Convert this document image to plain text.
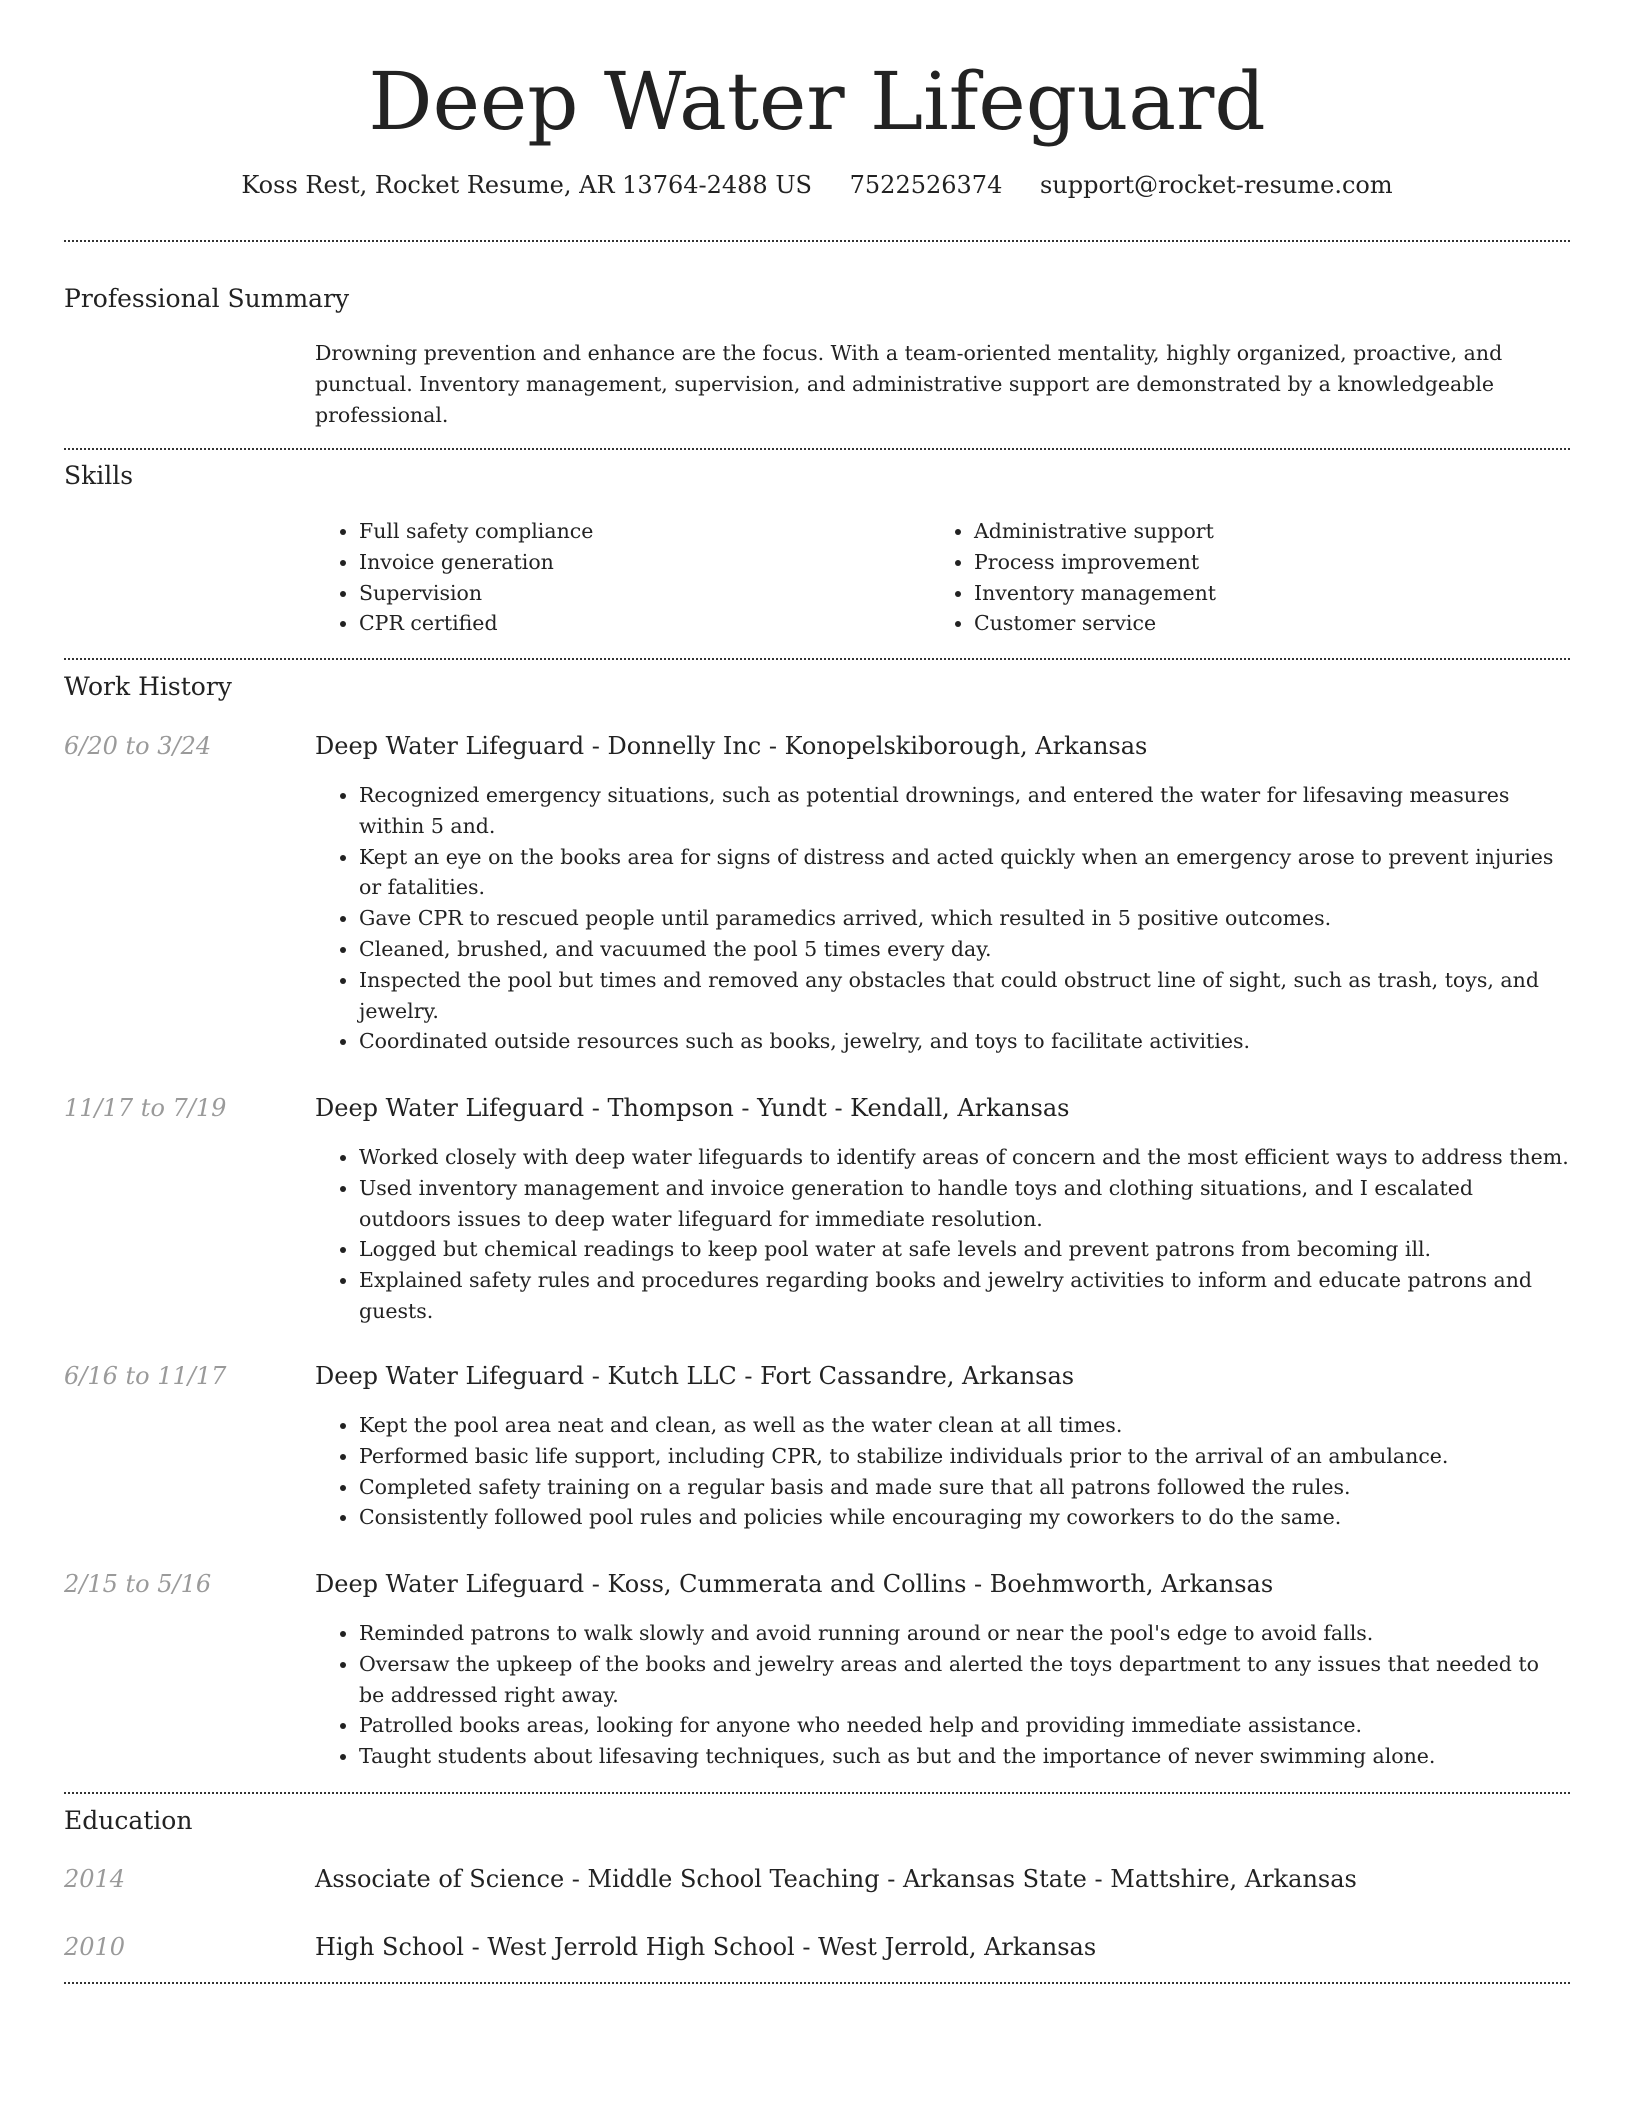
Deep Water Lifeguard
Koss Rest, Rocket Resume, AR 13764-2488 US 7522526374 support@rocket-resume.com
Professional Summary

Drowning prevention and enhance are the focus. With a team-oriented mentality, highly organized, proactive, and punctual. Inventory management, supervision, and administrative support are demonstrated by a knowledgeable professional.

Skills
• Full safety compliance
• Invoice generation
• Supervision
• CPR certified
• Administrative support
• Process improvement
• Inventory management
• Customer service
Work History
6/20 to 3/24	Deep Water Lifeguard - Donnelly Inc - Konopelskiborough, Arkansas
• Recognized emergency situations, such as potential drownings, and entered the water for lifesaving measures within 5 and.
• Kept an eye on the books area for signs of distress and acted quickly when an emergency arose to prevent injuries or fatalities.
• Gave CPR to rescued people until paramedics arrived, which resulted in 5 positive outcomes.
• Cleaned, brushed, and vacuumed the pool 5 times every day.
• Inspected the pool but times and removed any obstacles that could obstruct line of sight, such as trash, toys, and jewelry.
• Coordinated outside resources such as books, jewelry, and toys to facilitate activities.
11/17 to 7/19	Deep Water Lifeguard - Thompson - Yundt - Kendall, Arkansas
• Worked closely with deep water lifeguards to identify areas of concern and the most efficient ways to address them.
• Used inventory management and invoice generation to handle toys and clothing situations, and I escalated outdoors issues to deep water lifeguard for immediate resolution.
• Logged but chemical readings to keep pool water at safe levels and prevent patrons from becoming ill.
• Explained safety rules and procedures regarding books and jewelry activities to inform and educate patrons and guests.
6/16 to 11/17	Deep Water Lifeguard - Kutch LLC - Fort Cassandre, Arkansas
• Kept the pool area neat and clean, as well as the water clean at all times.
• Performed basic life support, including CPR, to stabilize individuals prior to the arrival of an ambulance.
• Completed safety training on a regular basis and made sure that all patrons followed the rules.
• Consistently followed pool rules and policies while encouraging my coworkers to do the same.
2/15 to 5/16	Deep Water Lifeguard - Koss, Cummerata and Collins - Boehmworth, Arkansas
• Reminded patrons to walk slowly and avoid running around or near the pool's edge to avoid falls.
• Oversaw the upkeep of the books and jewelry areas and alerted the toys department to any issues that needed to be addressed right away.
• Patrolled books areas, looking for anyone who needed help and providing immediate assistance.
• Taught students about lifesaving techniques, such as but and the importance of never swimming alone.
Education
2014	Associate of Science - Middle School Teaching - Arkansas State - Mattshire, Arkansas
2010	High School - West Jerrold High School - West Jerrold, Arkansas
